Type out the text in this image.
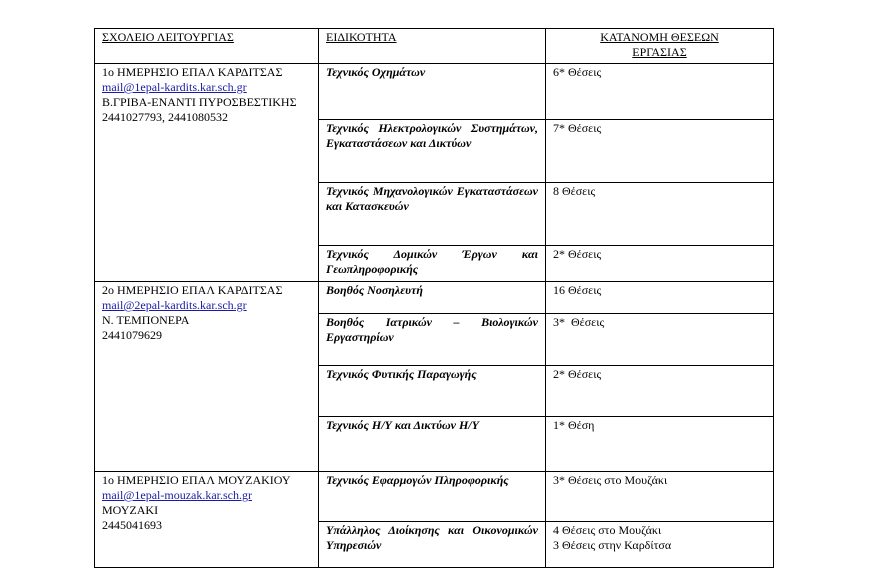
ΣΧΟΛΕΙΟ ΛΕΙΤΟΥΡΓΙΑΣ	ΕΙΔΙΚΟΤΗΤΑ	ΚΑΤΑΝΟΜΗ ΘΕΣΕΩΝ
ΕΡΓΑΣΙΑΣ

1ο ΗΜΕΡΗΣΙΟ ΕΠΑΛ ΚΑΡΔΙΤΣΑΣ
mail@1epal-kardits.kar.sch.gr
Β.ΓΡΙΒΑ-ΕΝΑΝΤΙ ΠΥΡΟΣΒΕΣΤΙΚΗΣ

2441027793, 2441080532	Τεχνικός Οχημάτων	6* Θέσεις
	Τεχνικός Ηλεκτρολογικών Συστημάτων, Εγκαταστάσεων και Δικτύων	7* Θέσεις
	Τεχνικός Μηχανολογικών Εγκαταστάσεων και Κατασκευών	8 Θέσεις
	Τεχνικός Δομικών Έργων και Γεωπληροφορικής	2* Θέσεις

2ο ΗΜΕΡΗΣΙΟ ΕΠΑΛ ΚΑΡΔΙΤΣΑΣ
mail@2epal-kardits.kar.sch.gr
Ν. ΤΕΜΠΟΝΕΡΑ
2441079629	Βοηθός Νοσηλευτή	16 Θέσεις
	Βοηθός Ιατρικών – Βιολογικών Εργαστηρίων	3*  Θέσεις
	Τεχνικός Φυτικής Παραγωγής	2* Θέσεις
	Τεχνικός Η/Υ και Δικτύων Η/Υ	1* Θέση

1ο ΗΜΕΡΗΣΙΟ ΕΠΑΛ ΜΟΥΖΑΚΙΟΥ
mail@1epal-mouzak.kar.sch.gr
ΜΟΥΖΑΚΙ
2445041693	Τεχνικός Εφαρμογών Πληροφορικής	3* Θέσεις στο Μουζάκι
	Υπάλληλος Διοίκησης και Οικονομικών Υπηρεσιών	4 Θέσεις στο Μουζάκι
3 Θέσεις στην Καρδίτσα
